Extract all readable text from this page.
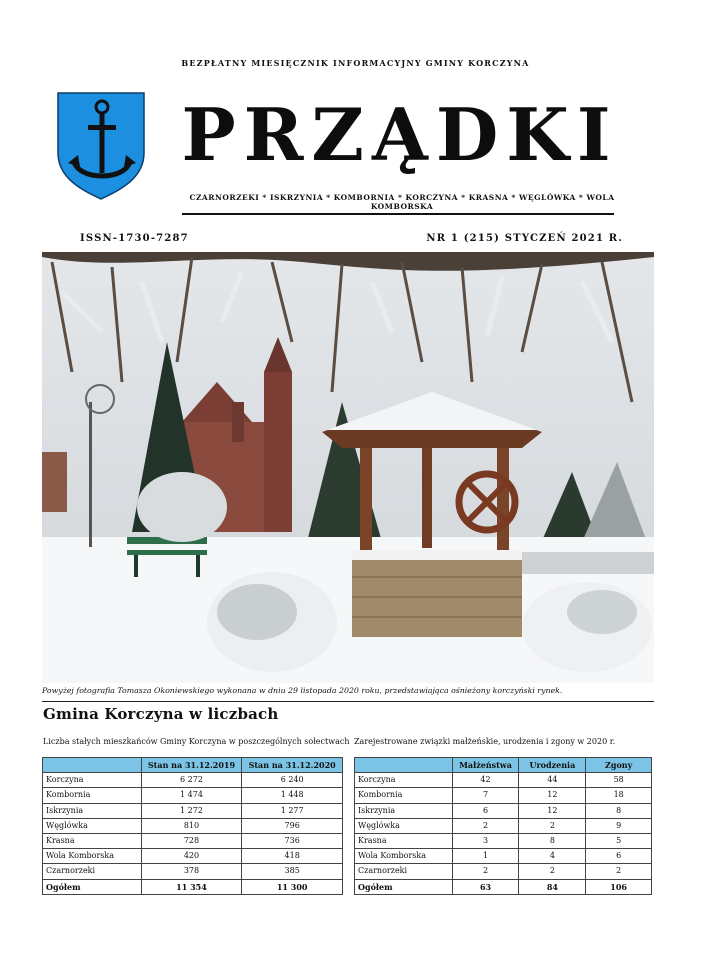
BEZPŁATNY MIESIĘCZNIK INFORMACYJNY GMINY KORCZYNA
PRZĄDKI
CZARNORZEKI * ISKRZYNIA * KOMBORNIA * KORCZYNA * KRASNA * WĘGLÓWKA * WOLA KOMBORSKA
ISSN-1730-7287	NR 1 (215) STYCZEŃ 2021 R.
Powyżej fotografia Tomasza Okoniewskiego wykonana w dniu 29 listopada 2020 roku, przedstawiająca ośnieżony korczyński rynek.
Gmina Korczyna w liczbach
Liczba stałych mieszkańców Gminy Korczyna w poszczególnych sołectwach Zarejestrowane związki małżeńskie, urodzenia i zgony w 2020 r.
	Stan na 31.12.2019	Stan na 31.12.2020
Korczyna	6 272	6 240
Kombornia	1 474	1 448
Iskrzynia	1 272	1 277
Węglówka	810	796
Krasna	728	736
Wola Komborska	420	418
Czarnorzeki	378	385
Ogółem	11 354	11 300
	Małżeństwa	Urodzenia	Zgony
Korczyna	42	44	58
Kombornia	7	12	18
Iskrzynia	6	12	8
Węglówka	2	2	9
Krasna	3	8	5
Wola Komborska	1	4	6
Czarnorzeki	2	2	2
Ogółem	63	84	106
